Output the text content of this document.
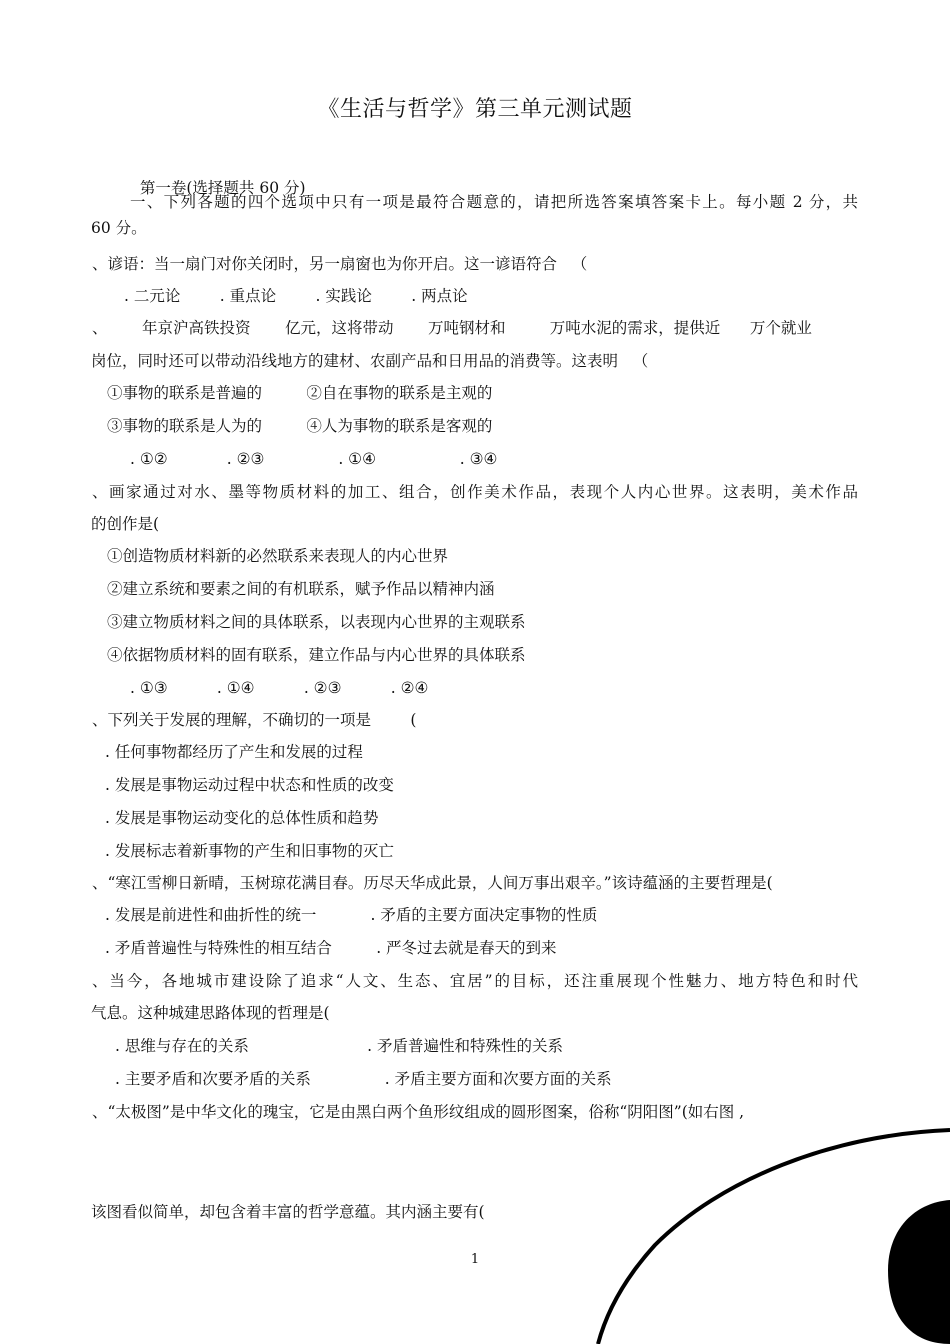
《生活与哲学》第三单元测试题

第一卷(选择题共 60 分)

一、下列各题的四个选项中只有一项是最符合题意的，请把所选答案填答案卡上。每小题 2 分，共
60 分。
、谚语：当一扇门对你关闭时，另一扇窗也为你开启。这一谚语符合   （
. 二元论        . 重点论        . 实践论        . 两点论
、       年京沪高铁投资       亿元，这将带动       万吨钢材和         万吨水泥的需求，提供近      万个就业
岗位，同时还可以带动沿线地方的建材、农副产品和日用品的消费等。这表明   （
①事物的联系是普遍的         ②自在事物的联系是主观的
③事物的联系是人为的         ④人为事物的联系是客观的
. ①②            . ②③               . ①④                 . ③④
、画家通过对水、墨等物质材料的加工、组合，创作美术作品，表现个人内心世界。这表明，美术作品
的创作是(
①创造物质材料新的必然联系来表现人的内心世界
②建立系统和要素之间的有机联系，赋予作品以精神内涵
③建立物质材料之间的具体联系，以表现内心世界的主观联系
④依据物质材料的固有联系，建立作品与内心世界的具体联系
. ①③          . ①④          . ②③          . ②④
、下列关于发展的理解，不确切的一项是        (
. 任何事物都经历了产生和发展的过程
. 发展是事物运动过程中状态和性质的改变
. 发展是事物运动变化的总体性质和趋势
. 发展标志着新事物的产生和旧事物的灭亡
、“寒江雪柳日新晴，玉树琼花满目春。历尽天华成此景，人间万事出艰辛。”该诗蕴涵的主要哲理是(
. 发展是前进性和曲折性的统一           . 矛盾的主要方面决定事物的性质
. 矛盾普遍性与特殊性的相互结合         . 严冬过去就是春天的到来
、当今，各地城市建设除了追求“人文、生态、宜居”的目标，还注重展现个性魅力、地方特色和时代
气息。这种城建思路体现的哲理是(
. 思维与存在的关系                        . 矛盾普遍性和特殊性的关系
. 主要矛盾和次要矛盾的关系               . 矛盾主要方面和次要方面的关系
、“太极图”是中华文化的瑰宝，它是由黑白两个鱼形纹组成的圆形图案，俗称“阴阳图”(如右图 ,
该图看似简单，却包含着丰富的哲学意蕴。其内涵主要有(
1
